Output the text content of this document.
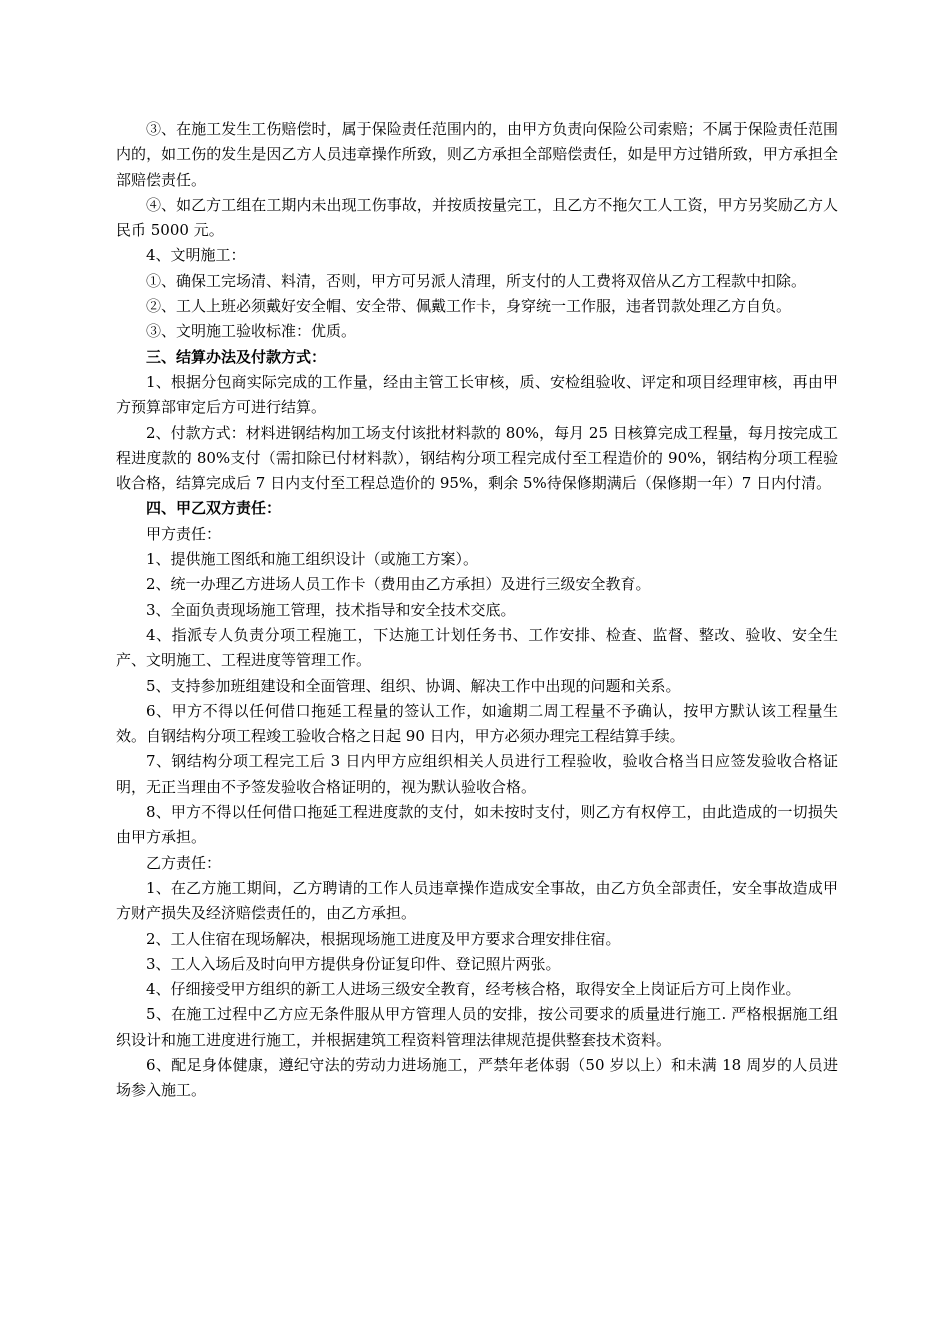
③、在施工发生工伤赔偿时，属于保险责任范围内的，由甲方负责向保险公司索赔；不属于保险责任范围内的，如工伤的发生是因乙方人员违章操作所致，则乙方承担全部赔偿责任，如是甲方过错所致，甲方承担全部赔偿责任。

④、如乙方工组在工期内未出现工伤事故，并按质按量完工，且乙方不拖欠工人工资，甲方另奖励乙方人民币 5000 元。

4、文明施工：

①、确保工完场清、料清，否则，甲方可另派人清理，所支付的人工费将双倍从乙方工程款中扣除。

②、工人上班必须戴好安全帽、安全带、佩戴工作卡，身穿统一工作服，违者罚款处理乙方自负。

③、文明施工验收标准：优质。

三、结算办法及付款方式：

1、根据分包商实际完成的工作量，经由主管工长审核，质、安检组验收、评定和项目经理审核，再由甲方预算部审定后方可进行结算。

2、付款方式：材料进钢结构加工场支付该批材料款的 80%，每月 25 日核算完成工程量，每月按完成工程进度款的 80%支付（需扣除已付材料款），钢结构分项工程完成付至工程造价的 90%，钢结构分项工程验收合格，结算完成后 7 日内支付至工程总造价的 95%，剩余 5%待保修期满后（保修期一年）7 日内付清。

四、甲乙双方责任：

甲方责任：

1、提供施工图纸和施工组织设计（或施工方案）。

2、统一办理乙方进场人员工作卡（费用由乙方承担）及进行三级安全教育。

3、全面负责现场施工管理，技术指导和安全技术交底。

4、指派专人负责分项工程施工，下达施工计划任务书、工作安排、检查、监督、整改、验收、安全生产、文明施工、工程进度等管理工作。

5、支持参加班组建设和全面管理、组织、协调、解决工作中出现的问题和关系。

6、甲方不得以任何借口拖延工程量的签认工作，如逾期二周工程量不予确认，按甲方默认该工程量生效。自钢结构分项工程竣工验收合格之日起 90 日内，甲方必须办理完工程结算手续。

7、钢结构分项工程完工后 3 日内甲方应组织相关人员进行工程验收，验收合格当日应签发验收合格证明，无正当理由不予签发验收合格证明的，视为默认验收合格。

8、甲方不得以任何借口拖延工程进度款的支付，如未按时支付，则乙方有权停工，由此造成的一切损失由甲方承担。

乙方责任：

1、在乙方施工期间，乙方聘请的工作人员违章操作造成安全事故，由乙方负全部责任，安全事故造成甲方财产损失及经济赔偿责任的，由乙方承担。

2、工人住宿在现场解决，根据现场施工进度及甲方要求合理安排住宿。

3、工人入场后及时向甲方提供身份证复印件、登记照片两张。

4、仔细接受甲方组织的新工人进场三级安全教育，经考核合格，取得安全上岗证后方可上岗作业。

5、在施工过程中乙方应无条件服从甲方管理人员的安排，按公司要求的质量进行施工. 严格根据施工组织设计和施工进度进行施工，并根据建筑工程资料管理法律规范提供整套技术资料。

6、配足身体健康，遵纪守法的劳动力进场施工，严禁年老体弱（50 岁以上）和未满 18 周岁的人员进场参入施工。
